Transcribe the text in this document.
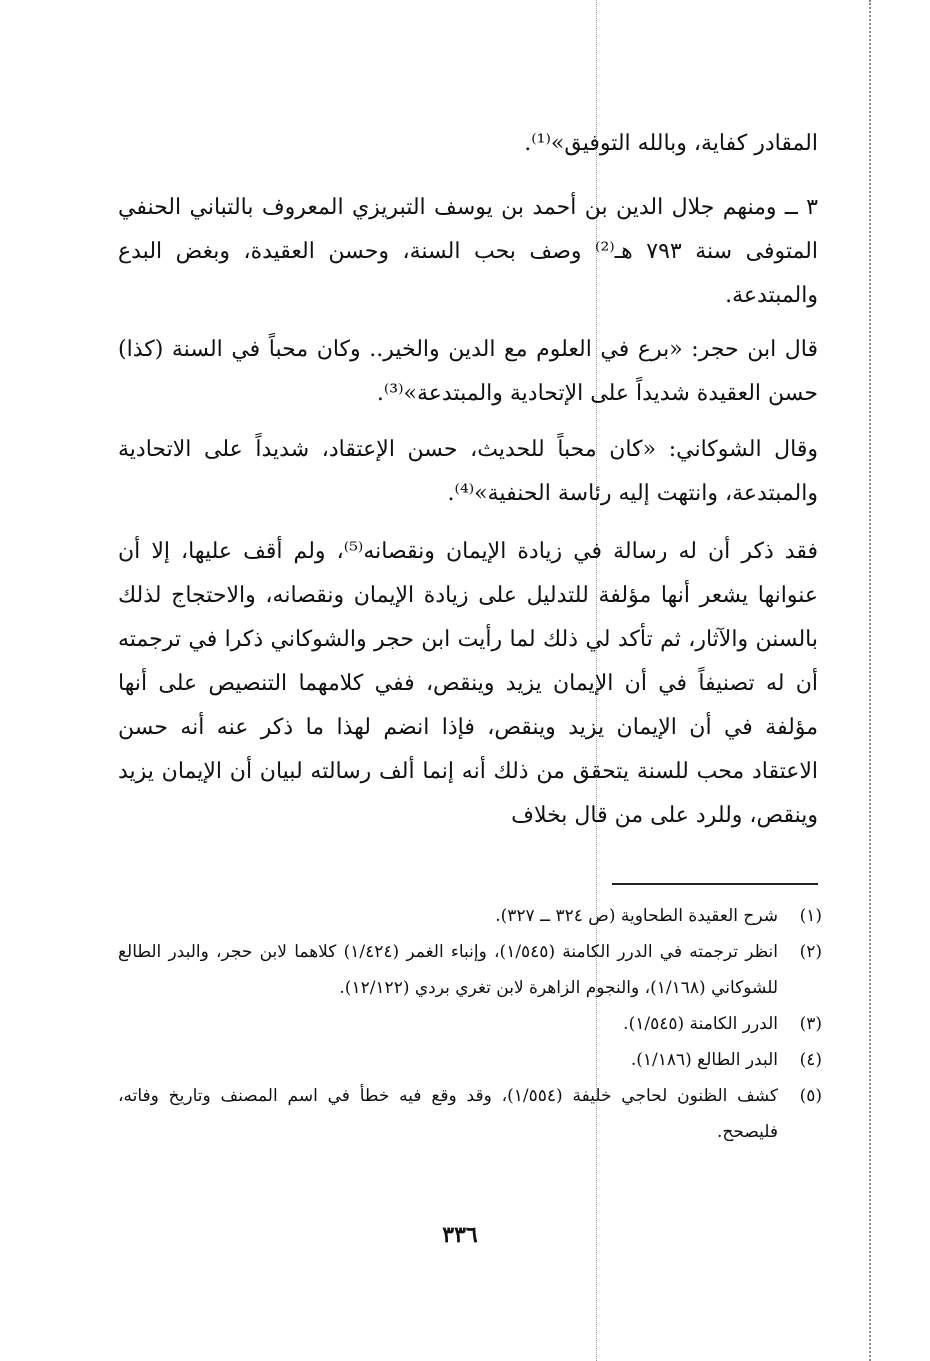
المقادر كفاية، وبالله التوفيق»⁽¹⁾.

٣ ــ ومنهم جلال الدين بن أحمد بن يوسف التبريزي المعروف بالتباني الحنفي المتوفى سنة ٧٩٣ هـ⁽²⁾ وصف بحب السنة، وحسن العقيدة، وبغض البدع والمبتدعة.

قال ابن حجر: «برع في العلوم مع الدين والخير.. وكان محباً في السنة (كذا) حسن العقيدة شديداً على الإتحادية والمبتدعة»⁽³⁾.

وقال الشوكاني: «كان محباً للحديث، حسن الإعتقاد، شديداً على الاتحادية والمبتدعة، وانتهت إليه رئاسة الحنفية»⁽⁴⁾.

فقد ذكر أن له رسالة في زيادة الإيمان ونقصانه⁽⁵⁾، ولم أقف عليها، إلا أن عنوانها يشعر أنها مؤلفة للتدليل على زيادة الإيمان ونقصانه، والاحتجاج لذلك بالسنن والآثار، ثم تأكد لي ذلك لما رأيت ابن حجر والشوكاني ذكرا في ترجمته أن له تصنيفاً في أن الإيمان يزيد وينقص، ففي كلامهما التنصيص على أنها مؤلفة في أن الإيمان يزيد وينقص، فإذا انضم لهذا ما ذكر عنه أنه حسن الاعتقاد محب للسنة يتحقق من ذلك أنه إنما ألف رسالته لبيان أن الإيمان يزيد وينقص، وللرد على من قال بخلاف

(١)
شرح العقيدة الطحاوية (ص ٣٢٤ ــ ٣٢٧).
(٢)
انظر ترجمته في الدرر الكامنة (١/٥٤٥)، وإنباء الغمر (١/٤٢٤) كلاهما لابن حجر، والبدر الطالع للشوكاني (١/١٦٨)، والنجوم الزاهرة لابن تغري بردي (١٢/١٢٢).
(٣)
الدرر الكامنة (١/٥٤٥).
(٤)
البدر الطالع (١/١٨٦).
(٥)
كشف الظنون لحاجي خليفة (١/٥٥٤)، وقد وقع فيه خطأ في اسم المصنف وتاريخ وفاته، فليصحح.
٣٣٦
